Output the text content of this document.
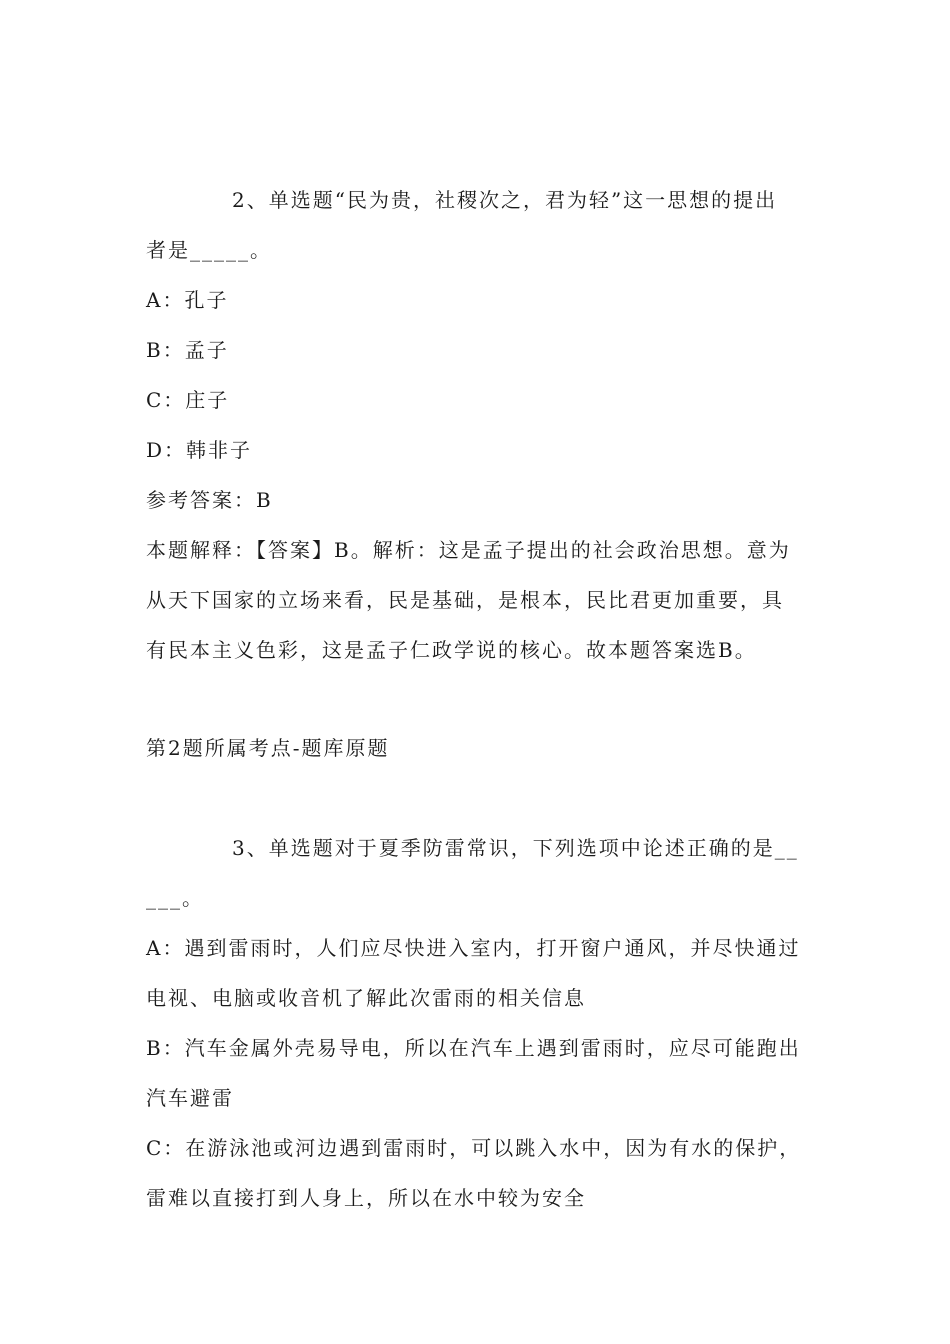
2、单选题“民为贵，社稷次之，君为轻”这一思想的提出
者是_____。
A：孔子
B：孟子
C：庄子
D：韩非子
参考答案：B
本题解释：【答案】B。解析：这是孟子提出的社会政治思想。意为
从天下国家的立场来看，民是基础，是根本，民比君更加重要，具
有民本主义色彩，这是孟子仁政学说的核心。故本题答案选B。
第2题所属考点-题库原题
3、单选题对于夏季防雷常识，下列选项中论述正确的是__
___。
A：遇到雷雨时，人们应尽快进入室内，打开窗户通风，并尽快通过
电视、电脑或收音机了解此次雷雨的相关信息
B：汽车金属外壳易导电，所以在汽车上遇到雷雨时，应尽可能跑出
汽车避雷
C：在游泳池或河边遇到雷雨时，可以跳入水中，因为有水的保护，
雷难以直接打到人身上，所以在水中较为安全
